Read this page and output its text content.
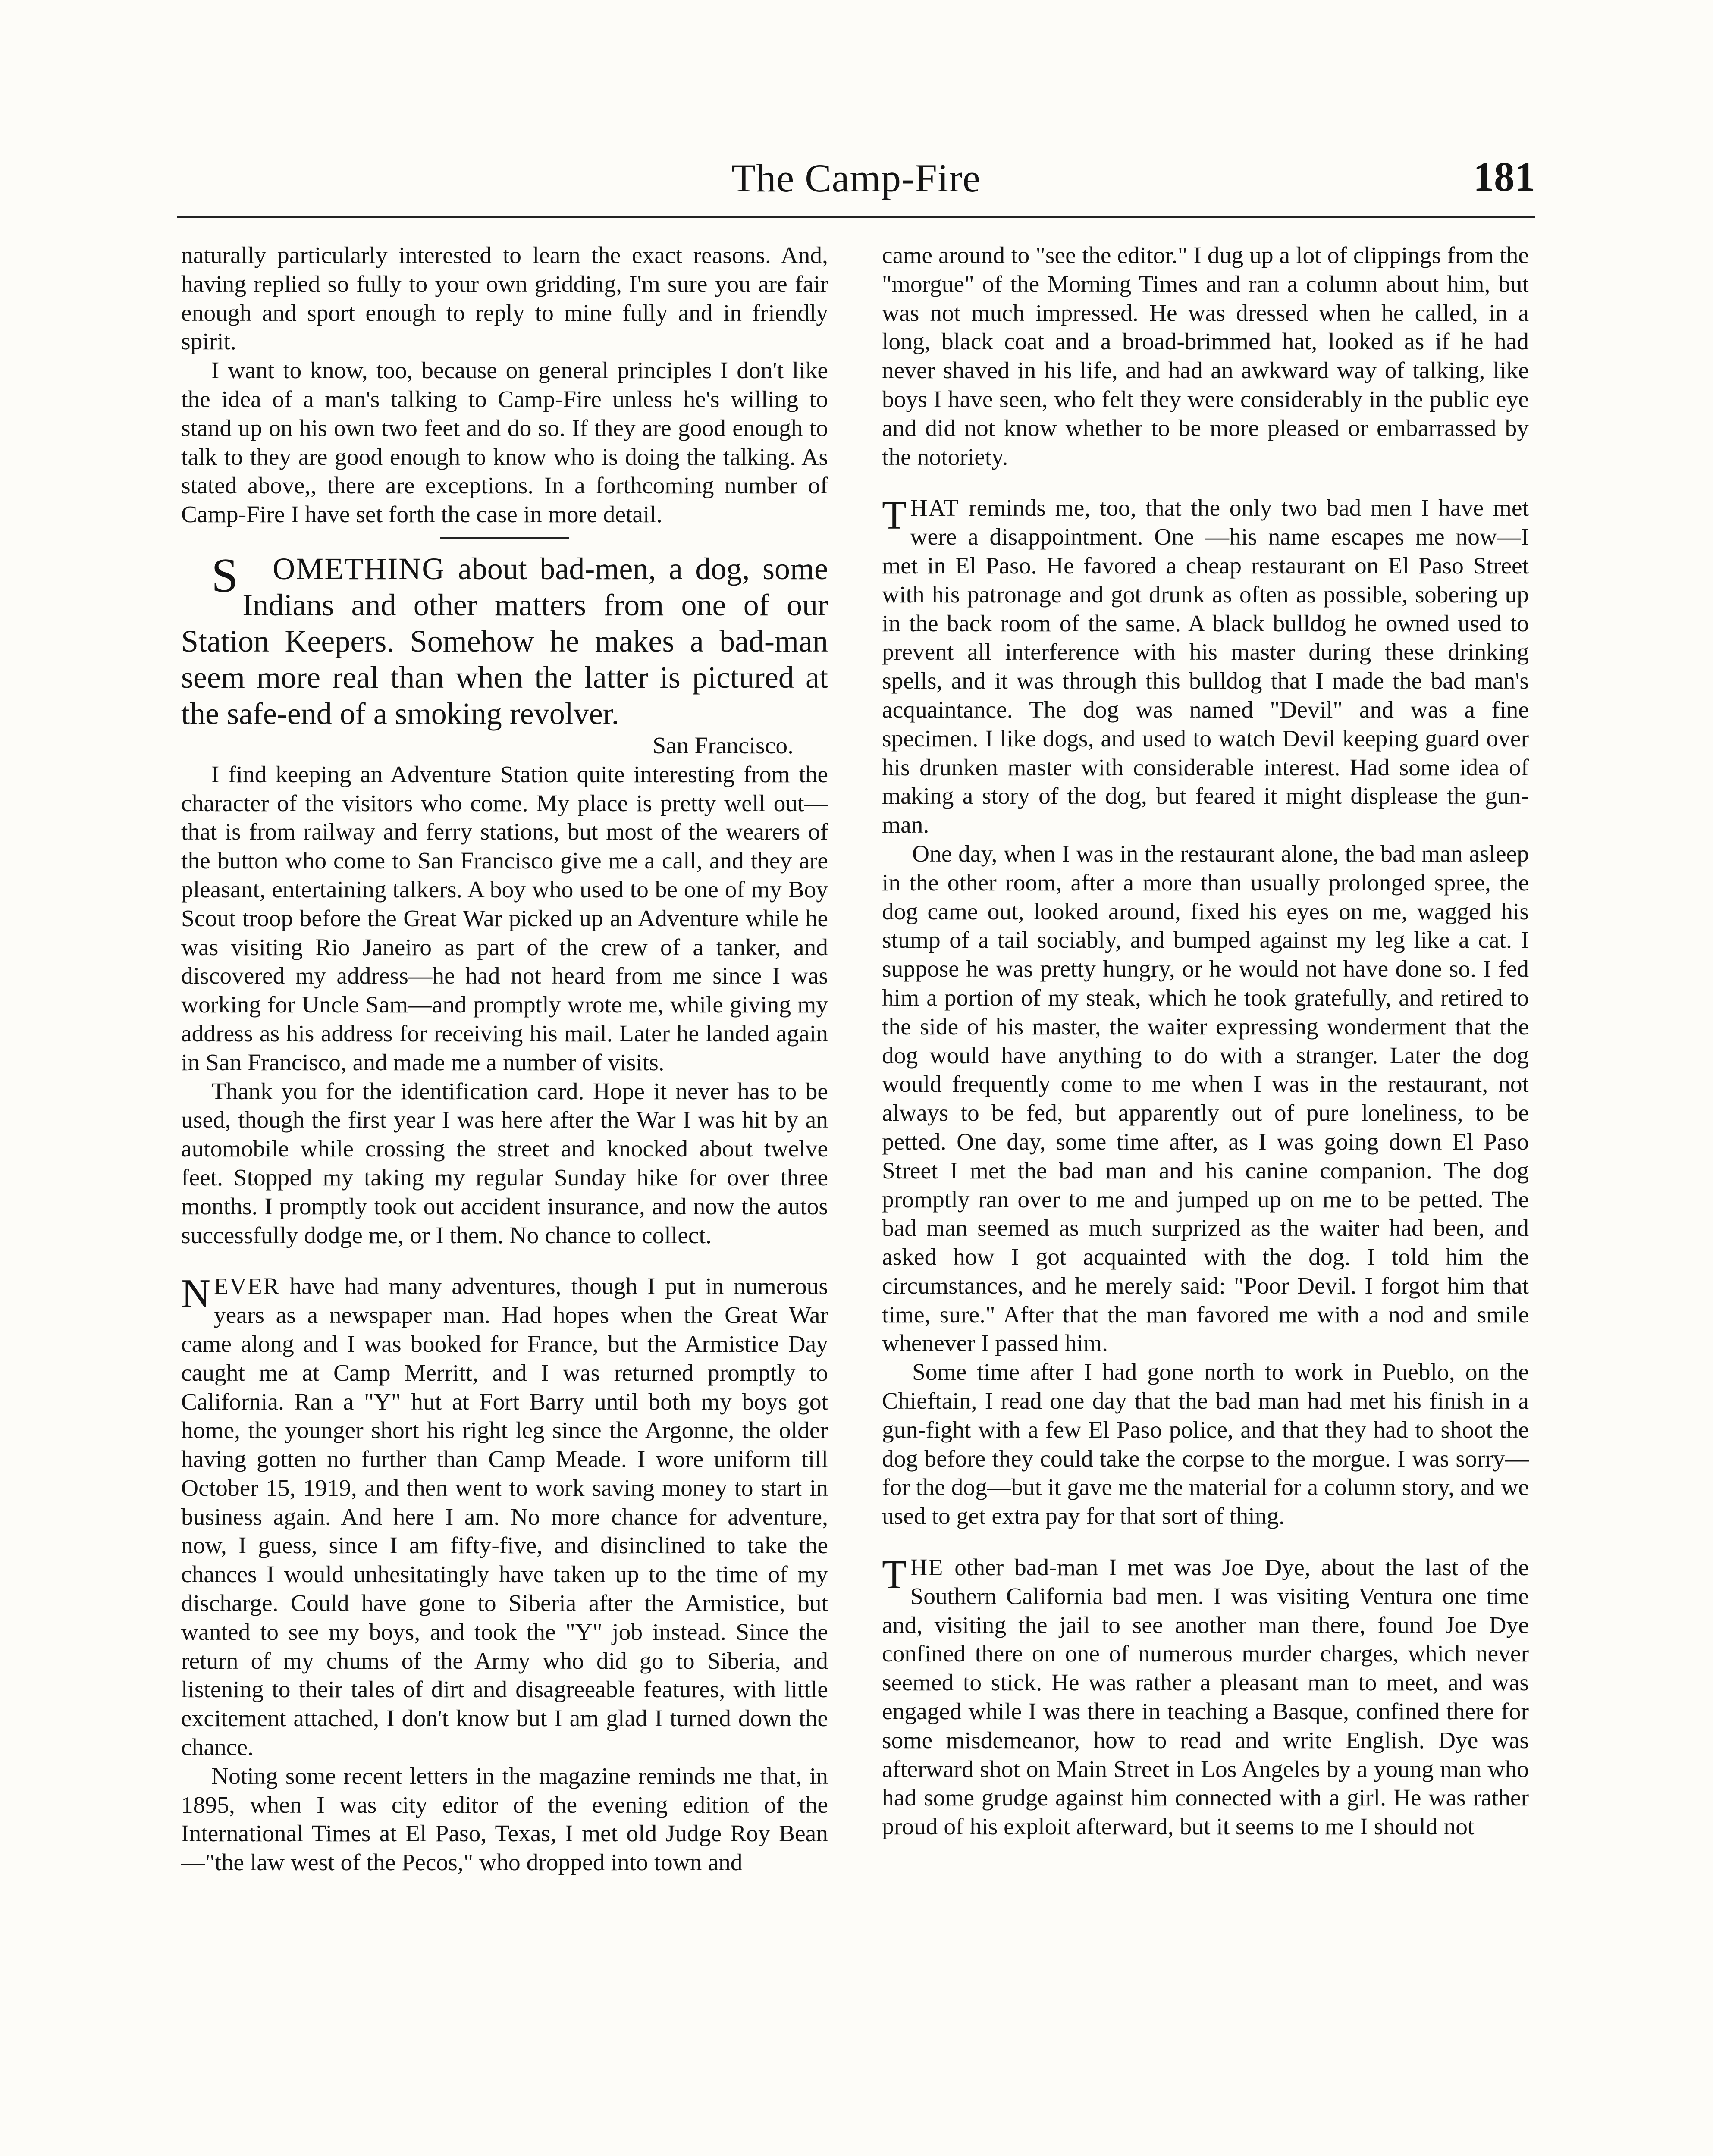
The Camp-Fire	181

naturally particularly interested to learn the exact reasons. And, having replied so fully to your own gridding, I'm sure you are fair enough and sport enough to reply to mine fully and in friendly spirit.

I want to know, too, because on general principles I don't like the idea of a man's talking to Camp-Fire unless he's willing to stand up on his own two feet and do so. If they are good enough to talk to they are good enough to know who is doing the talking. As stated above,, there are exceptions. In a forthcoming number of Camp-Fire I have set forth the case in more detail.

S OMETHING about bad-men, a dog, some Indians and other matters from one of our Station Keepers. Somehow he makes a bad-man seem more real than when the latter is pictured at the safe-end of a smoking revolver.

San Francisco.

I find keeping an Adventure Station quite interesting from the character of the visitors who come. My place is pretty well out—that is from railway and ferry stations, but most of the wearers of the button who come to San Francisco give me a call, and they are pleasant, entertaining talkers. A boy who used to be one of my Boy Scout troop before the Great War picked up an Adventure while he was visiting Rio Janeiro as part of the crew of a tanker, and discovered my address—he had not heard from me since I was working for Uncle Sam—and promptly wrote me, while giving my address as his address for receiving his mail. Later he landed again in San Francisco, and made me a number of visits.

Thank you for the identification card. Hope it never has to be used, though the first year I was here after the War I was hit by an automobile while crossing the street and knocked about twelve feet. Stopped my taking my regular Sunday hike for over three months. I promptly took out accident insurance, and now the autos successfully dodge me, or I them. No chance to collect.

NEVER have had many adventures, though I put in numerous years as a newspaper man. Had hopes when the Great War came along and I was booked for France, but the Armistice Day caught me at Camp Merritt, and I was returned promptly to California. Ran a "Y" hut at Fort Barry until both my boys got home, the younger short his right leg since the Argonne, the older having gotten no further than Camp Meade. I wore uniform till October 15, 1919, and then went to work saving money to start in business again. And here I am. No more chance for adventure, now, I guess, since I am fifty-five, and disinclined to take the chances I would unhesitatingly have taken up to the time of my discharge. Could have gone to Siberia after the Armistice, but wanted to see my boys, and took the "Y" job instead. Since the return of my chums of the Army who did go to Siberia, and listening to their tales of dirt and disagreeable features, with little excitement attached, I don't know but I am glad I turned down the chance.

Noting some recent letters in the magazine reminds me that, in 1895, when I was city editor of the evening edition of the International Times at El Paso, Texas, I met old Judge Roy Bean—"the law west of the Pecos," who dropped into town and

came around to "see the editor." I dug up a lot of clippings from the "morgue" of the Morning Times and ran a column about him, but was not much impressed. He was dressed when he called, in a long, black coat and a broad-brimmed hat, looked as if he had never shaved in his life, and had an awkward way of talking, like boys I have seen, who felt they were considerably in the public eye and did not know whether to be more pleased or embarrassed by the notoriety.

THAT reminds me, too, that the only two bad men I have met were a disappointment. One —his name escapes me now—I met in El Paso. He favored a cheap restaurant on El Paso Street with his patronage and got drunk as often as possible, sobering up in the back room of the same. A black bulldog he owned used to prevent all interference with his master during these drinking spells, and it was through this bulldog that I made the bad man's acquaintance. The dog was named "Devil" and was a fine specimen. I like dogs, and used to watch Devil keeping guard over his drunken master with considerable interest. Had some idea of making a story of the dog, but feared it might displease the gun-man.

One day, when I was in the restaurant alone, the bad man asleep in the other room, after a more than usually prolonged spree, the dog came out, looked around, fixed his eyes on me, wagged his stump of a tail sociably, and bumped against my leg like a cat. I suppose he was pretty hungry, or he would not have done so. I fed him a portion of my steak, which he took gratefully, and retired to the side of his master, the waiter expressing wonderment that the dog would have anything to do with a stranger. Later the dog would frequently come to me when I was in the restaurant, not always to be fed, but apparently out of pure loneliness, to be petted. One day, some time after, as I was going down El Paso Street I met the bad man and his canine companion. The dog promptly ran over to me and jumped up on me to be petted. The bad man seemed as much surprized as the waiter had been, and asked how I got acquainted with the dog. I told him the circumstances, and he merely said: "Poor Devil. I forgot him that time, sure." After that the man favored me with a nod and smile whenever I passed him.

Some time after I had gone north to work in Pueblo, on the Chieftain, I read one day that the bad man had met his finish in a gun-fight with a few El Paso police, and that they had to shoot the dog before they could take the corpse to the morgue. I was sorry—for the dog—but it gave me the material for a column story, and we used to get extra pay for that sort of thing.

THE other bad-man I met was Joe Dye, about the last of the Southern California bad men. I was visiting Ventura one time and, visiting the jail to see another man there, found Joe Dye confined there on one of numerous murder charges, which never seemed to stick. He was rather a pleasant man to meet, and was engaged while I was there in teaching a Basque, confined there for some misdemeanor, how to read and write English. Dye was afterward shot on Main Street in Los Angeles by a young man who had some grudge against him connected with a girl. He was rather proud of his exploit afterward, but it seems to me I should not
